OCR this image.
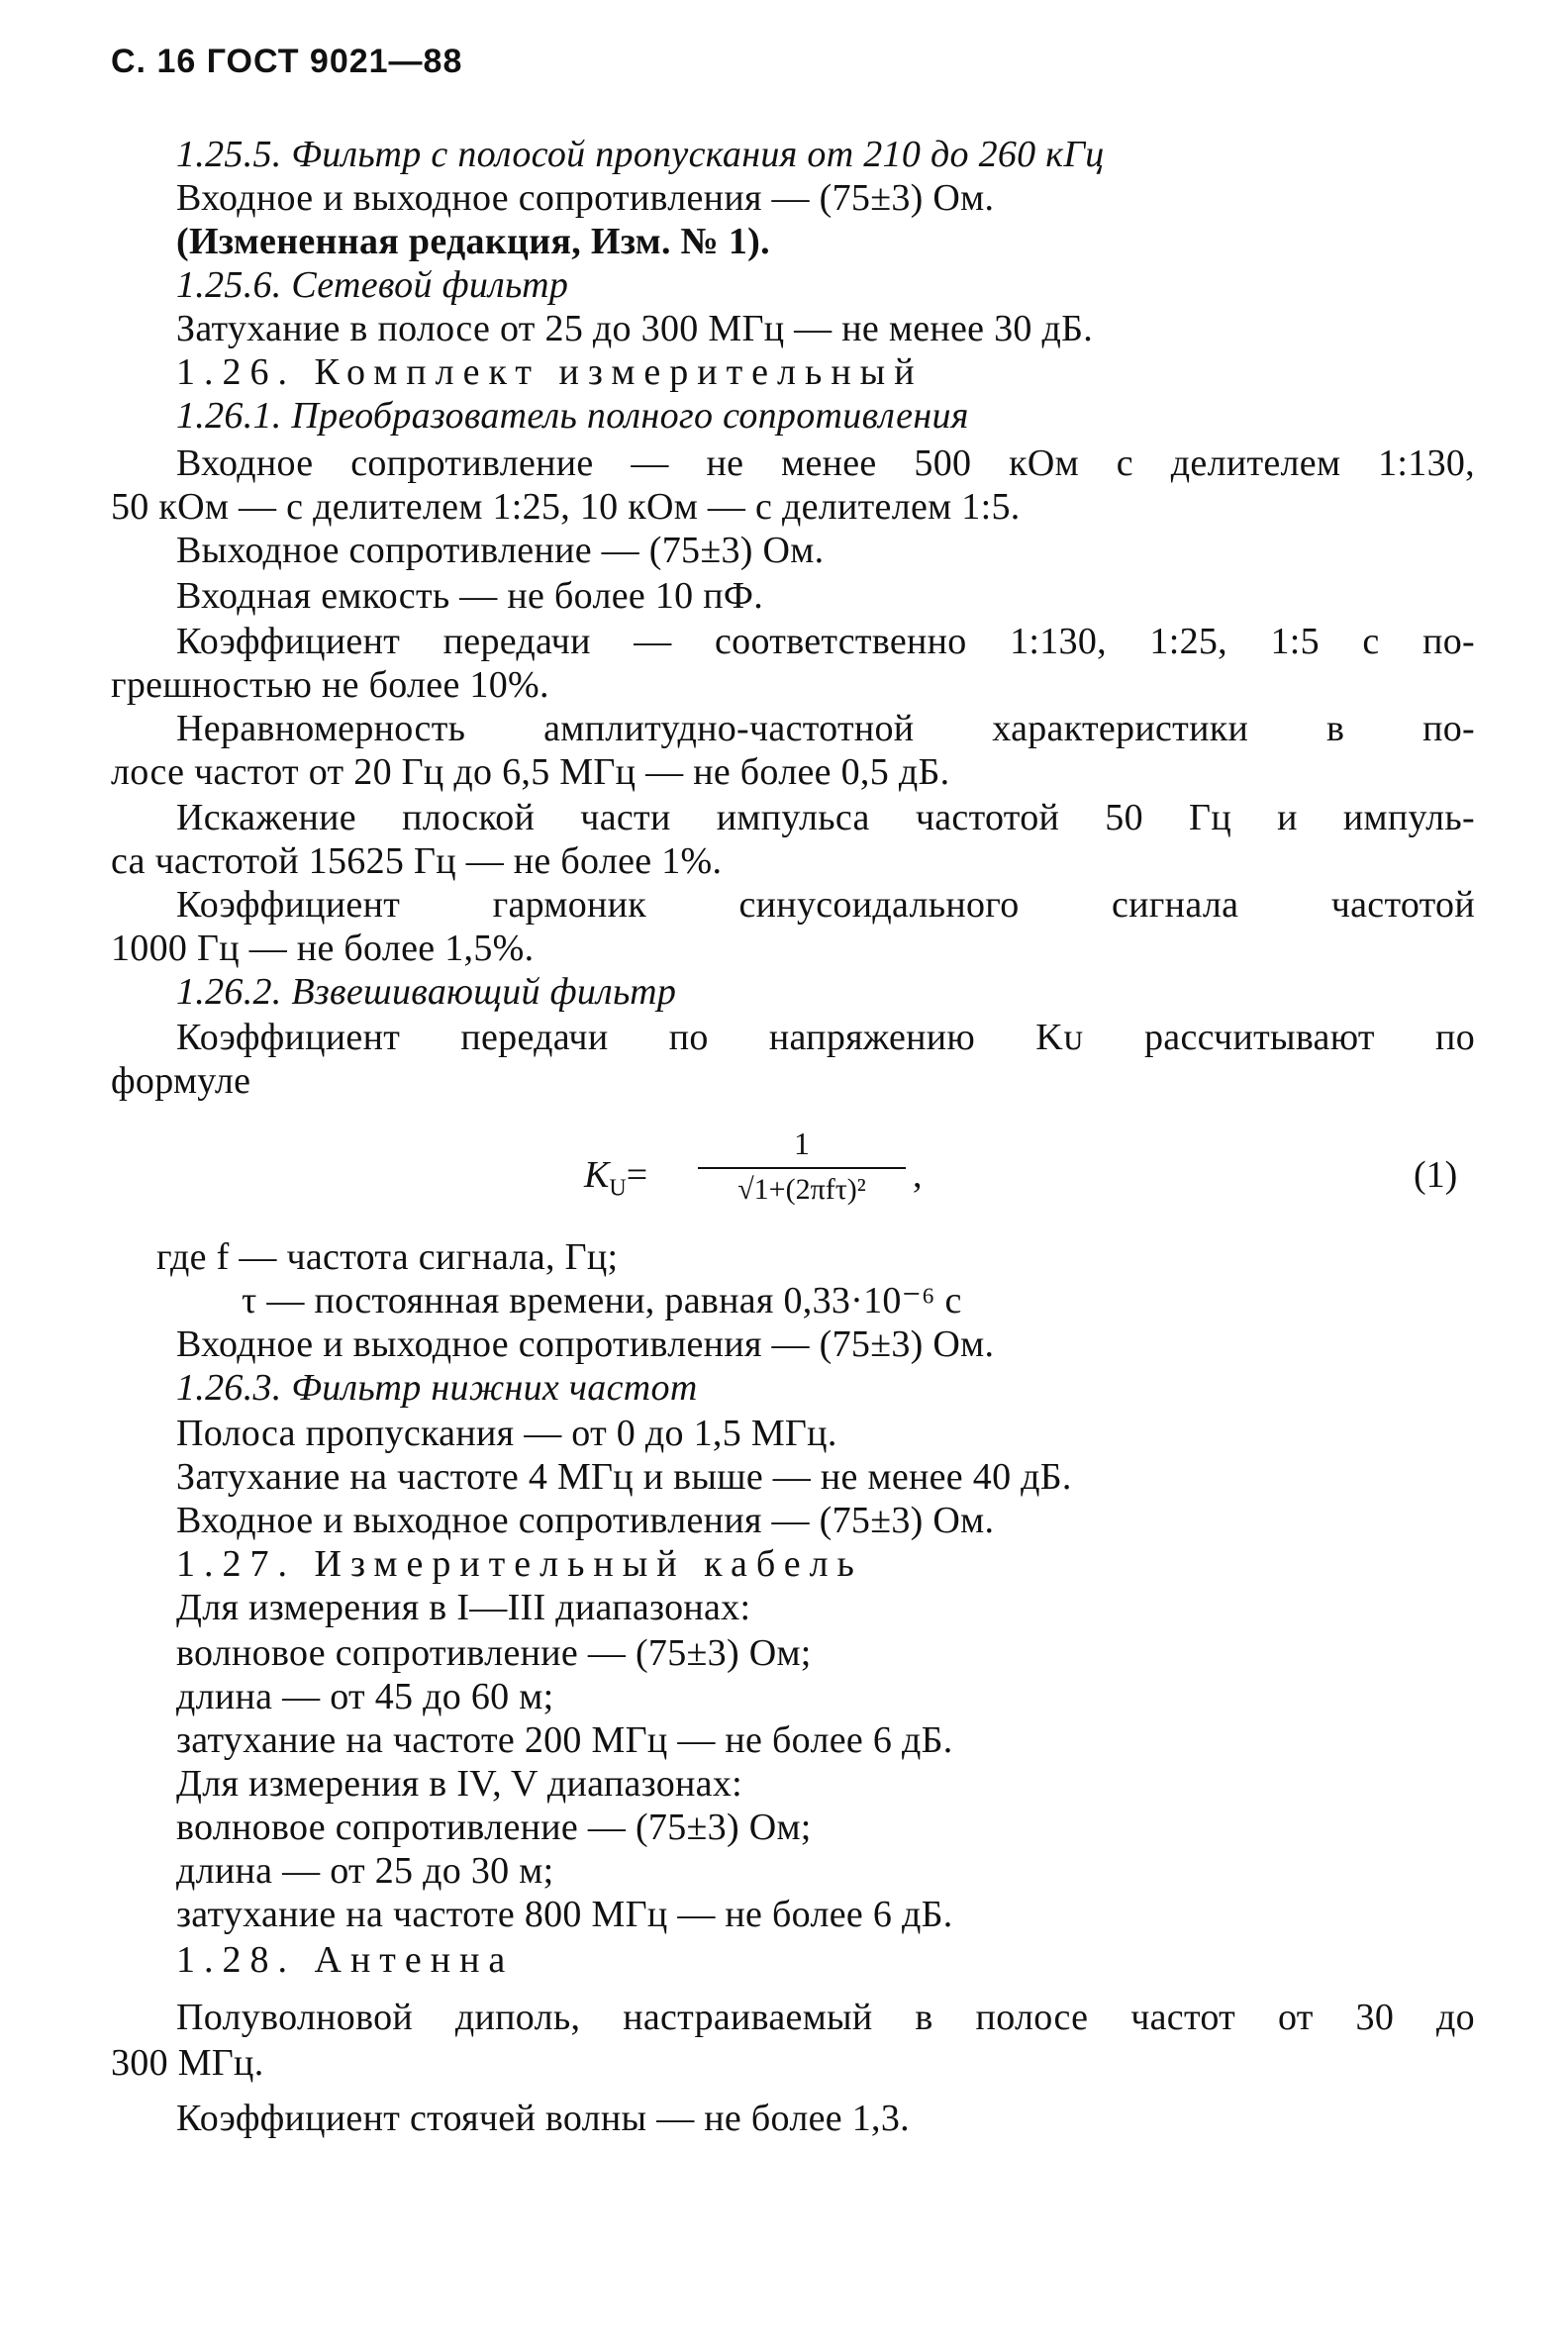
С. 16 ГОСТ 9021—88
1.25.5. Фильтр с полосой пропускания от 210 до 260 кГц
Входное и выходное сопротивления — (75±3) Ом.
(Измененная редакция, Изм. № 1).
1.25.6. Сетевой фильтр
Затухание в полосе от 25 до 300 МГц — не менее 30 дБ.
1.26. Комплект измерительный
1.26.1. Преобразователь полного сопротивления
Входное сопротивление — не менее 500 кОм с делителем 1:130,
50 кОм — с делителем 1:25, 10 кОм — с делителем 1:5.
Выходное сопротивление — (75±3) Ом.
Входная емкость — не более 10 пФ.
Коэффициент передачи — соответственно 1:130, 1:25, 1:5 с по-
грешностью не более 10%.
Неравномерность амплитудно-частотной характеристики в по-
лосе частот от 20 Гц до 6,5 МГц — не более 0,5 дБ.
Искажение плоской части импульса частотой 50 Гц и импуль-
са частотой 15625 Гц — не более 1%.
Коэффициент гармоник синусоидального сигнала частотой
1000 Гц — не более 1,5%.
1.26.2. Взвешивающий фильтр
Коэффициент передачи по напряжению Kᴜ рассчитывают по
формуле
$K_U=$
1
√1+(2πfτ)²	,	(1)
где f — частота сигнала, Гц;
τ — постоянная времени, равная 0,33·10⁻⁶ с
Входное и выходное сопротивления — (75±3) Ом.
1.26.3. Фильтр нижних частот
Полоса пропускания — от 0 до 1,5 МГц.
Затухание на частоте 4 МГц и выше — не менее 40 дБ.
Входное и выходное сопротивления — (75±3) Ом.
1.27. Измерительный кабель
Для измерения в I—III диапазонах:
волновое сопротивление — (75±3) Ом;
длина — от 45 до 60 м;
затухание на частоте 200 МГц — не более 6 дБ.
Для измерения в IV, V диапазонах:
волновое сопротивление — (75±3) Ом;
длина — от 25 до 30 м;
затухание на частоте 800 МГц — не более 6 дБ.
1.28. Антенна
Полуволновой диполь, настраиваемый в полосе частот от 30 до
300 МГц.
Коэффициент стоячей волны — не более 1,3.
